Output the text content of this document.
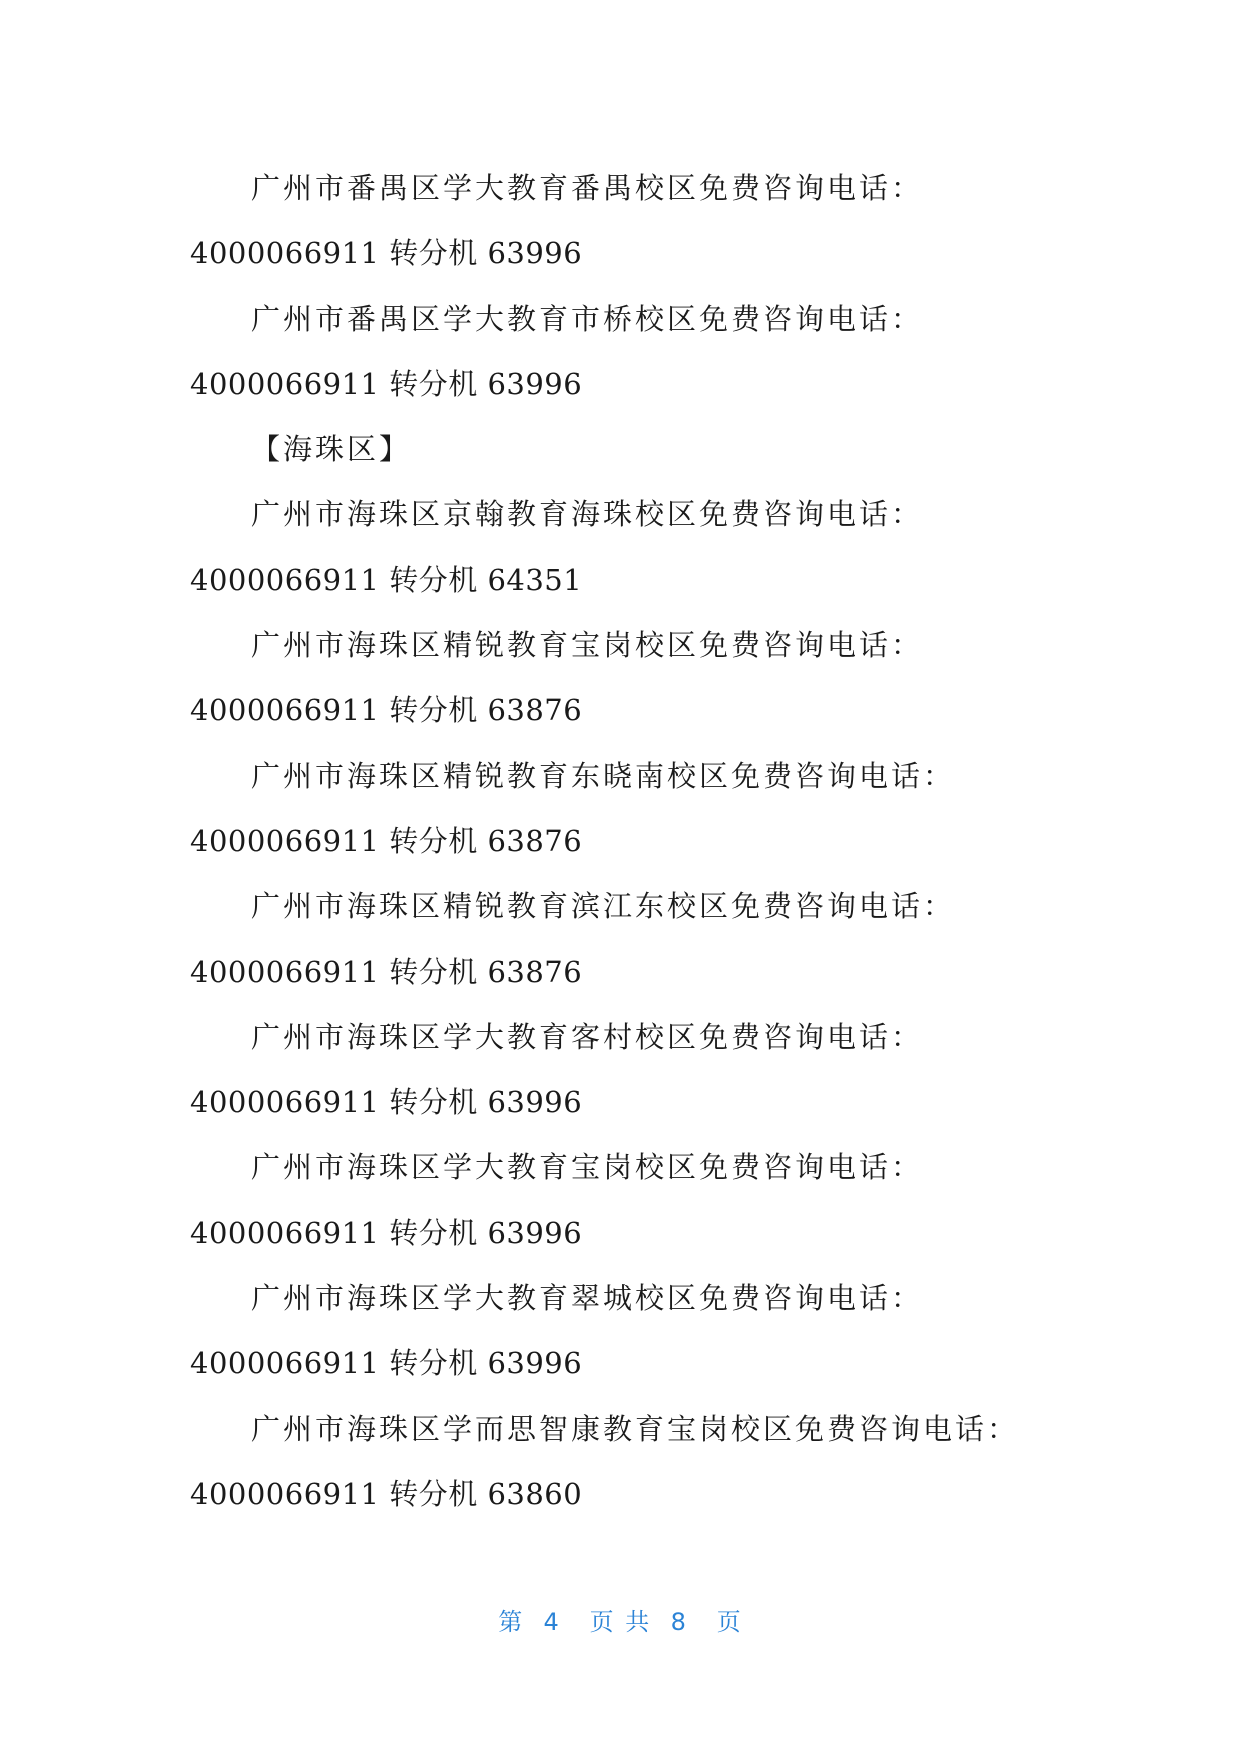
广州市番禺区学大教育番禺校区免费咨询电话：
4000066911 转分机 63996
广州市番禺区学大教育市桥校区免费咨询电话：
4000066911 转分机 63996
【海珠区】
广州市海珠区京翰教育海珠校区免费咨询电话：
4000066911 转分机 64351
广州市海珠区精锐教育宝岗校区免费咨询电话：
4000066911 转分机 63876
广州市海珠区精锐教育东晓南校区免费咨询电话：
4000066911 转分机 63876
广州市海珠区精锐教育滨江东校区免费咨询电话：
4000066911 转分机 63876
广州市海珠区学大教育客村校区免费咨询电话：
4000066911 转分机 63996
广州市海珠区学大教育宝岗校区免费咨询电话：
4000066911 转分机 63996
广州市海珠区学大教育翠城校区免费咨询电话：
4000066911 转分机 63996
广州市海珠区学而思智康教育宝岗校区免费咨询电话：
4000066911 转分机 63860
第  4   页 共  8   页
